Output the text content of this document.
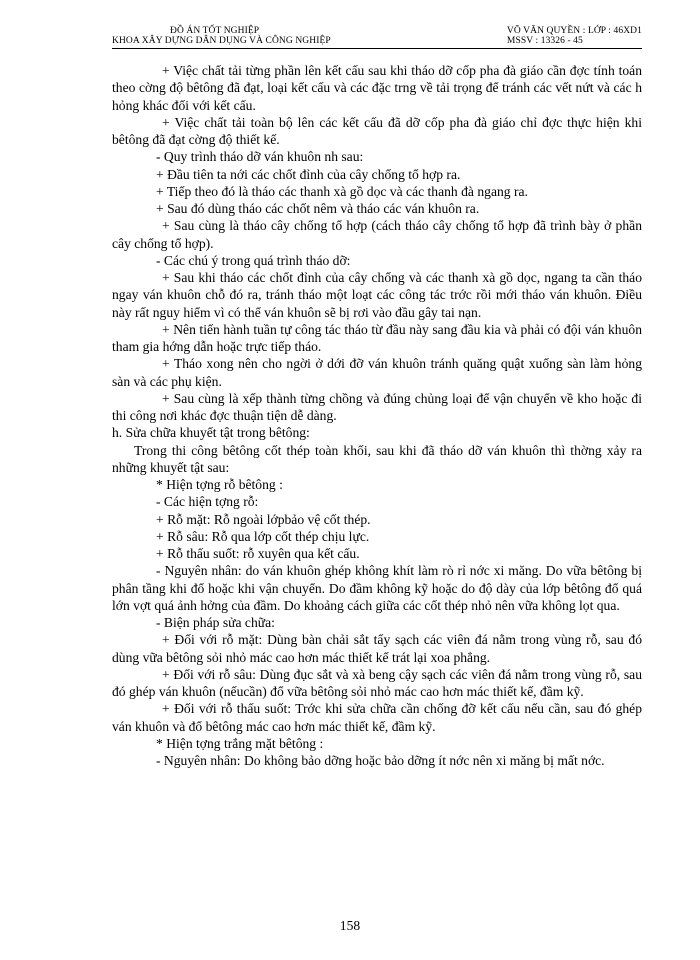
ĐỒ ÁN TỐT NGHIỆP
KHOA XÂY DỰNG DÂN DỤNG VÀ CÔNG NGHIỆP
VÕ VĂN QUYỀN : LỚP : 46XD1
MSSV : 13326 - 45

+ Việc chất tải từng phần lên kết cấu sau khi tháo dỡ cốp pha đà giáo cần đợc tính toán theo cờng độ bêtông đã đạt, loại kết cấu và các đặc trng về tải trọng để tránh các vết nứt và các h hỏng khác đối với kết cấu.

+ Việc chất tải toàn bộ lên các kết cấu đã dỡ cốp pha đà giáo chỉ đợc thực hiện khi bêtông đã đạt cờng độ thiết kế.

- Quy trình tháo dỡ ván khuôn nh sau:

+ Đầu tiên ta nới các chốt đỉnh của cây chống tổ hợp ra.

+ Tiếp theo đó là tháo các thanh xà gồ dọc và các thanh đà ngang ra.

+ Sau đó dùng tháo các chốt nêm và tháo các ván khuôn ra.

+ Sau cùng là tháo cây chống tổ hợp (cách tháo cây chống tổ hợp đã trình bày ở phần cây chống tổ hợp).

- Các chú ý trong quá trình tháo dỡ:

+ Sau khi tháo các chốt đỉnh của cây chống và các thanh xà gồ dọc, ngang ta cần tháo ngay ván khuôn chỗ đó ra, tránh tháo một loạt các công tác trớc rồi mới tháo ván khuôn. Điều này rất nguy hiểm vì có thể ván khuôn sẽ bị rơi vào đầu gây tai nạn.

+ Nên tiến hành tuần tự công tác tháo từ đầu này sang đầu kia và phải có đội ván khuôn tham gia hớng dẫn hoặc trực tiếp tháo.

+ Tháo xong nên cho ngời ở dới đỡ ván khuôn tránh quăng quật xuống sàn làm hỏng sàn và các phụ kiện.

+ Sau cùng là xếp thành từng chồng và đúng chủng loại để vận chuyển về kho hoặc đi thi công nơi khác đợc thuận tiện dễ dàng.

h. Sửa chữa khuyết tật trong bêtông:

Trong thi công bêtông cốt thép toàn khối, sau khi đã tháo dỡ ván khuôn thì thờng xảy ra những khuyết tật sau:

* Hiện tợng rỗ bêtông :

- Các hiện tợng rỗ:

+ Rỗ mặt: Rỗ ngoài lớpbảo vệ cốt thép.

+ Rỗ sâu: Rỗ qua lớp cốt thép chịu lực.

+ Rỗ thấu suốt: rỗ xuyên qua kết cấu.

- Nguyên nhân: do ván khuôn ghép không khít làm rò rỉ nớc xi măng. Do vữa bêtông bị phân tầng khi đổ hoặc khi vận chuyển. Do đầm không kỹ hoặc do độ dày của lớp bêtông đổ quá lớn vợt quá ảnh hởng của đầm. Do khoảng cách giữa các cốt thép nhỏ nên vữa không lọt qua.

- Biện pháp sửa chữa:

+ Đối với rỗ mặt: Dùng bàn chải sắt tẩy sạch các viên đá nằm trong vùng rỗ, sau đó dùng vữa bêtông sỏi nhỏ mác cao hơn mác thiết kế trát lại xoa phẳng.

+ Đối với rỗ sâu: Dùng đục sắt và xà beng cậy sạch các viên đá nằm trong vùng rỗ, sau đó ghép ván khuôn (nếucần) đổ vữa bêtông sỏi nhỏ mác cao hơn mác thiết kế, đầm kỹ.

+ Đối với rỗ thấu suốt: Trớc khi sửa chữa cần chống đỡ kết cấu nếu cần, sau đó ghép ván khuôn và đổ bêtông mác cao hơn mác thiết kế, đầm kỹ.

* Hiện tợng trắng mặt bêtông :

- Nguyên nhân: Do không bảo dỡng hoặc bảo dỡng ít nớc nên xi măng bị mất nớc.

158
